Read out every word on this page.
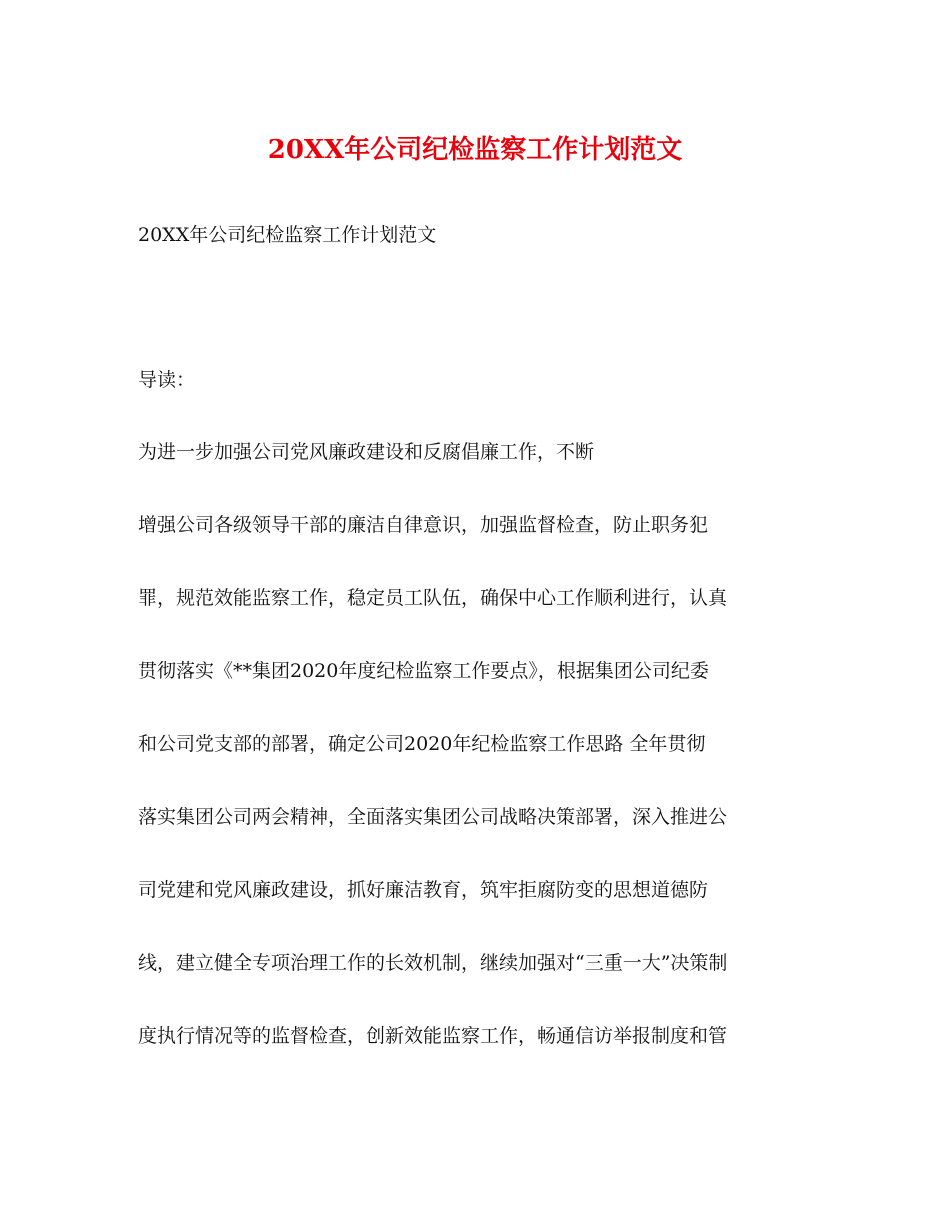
20XX年公司纪检监察工作计划范文
20XX年公司纪检监察工作计划范文
导读：
为进一步加强公司党风廉政建设和反腐倡廉工作，不断
增强公司各级领导干部的廉洁自律意识，加强监督检查，防止职务犯
罪，规范效能监察工作，稳定员工队伍，确保中心工作顺利进行，认真
贯彻落实《**集团2020年度纪检监察工作要点》，根据集团公司纪委
和公司党支部的部署，确定公司2020年纪检监察工作思路 全年贯彻
落实集团公司两会精神，全面落实集团公司战略决策部署，深入推进公
司党建和党风廉政建设，抓好廉洁教育，筑牢拒腐防变的思想道德防
线，建立健全专项治理工作的长效机制，继续加强对“三重一大”决策制
度执行情况等的监督检查，创新效能监察工作，畅通信访举报制度和管
